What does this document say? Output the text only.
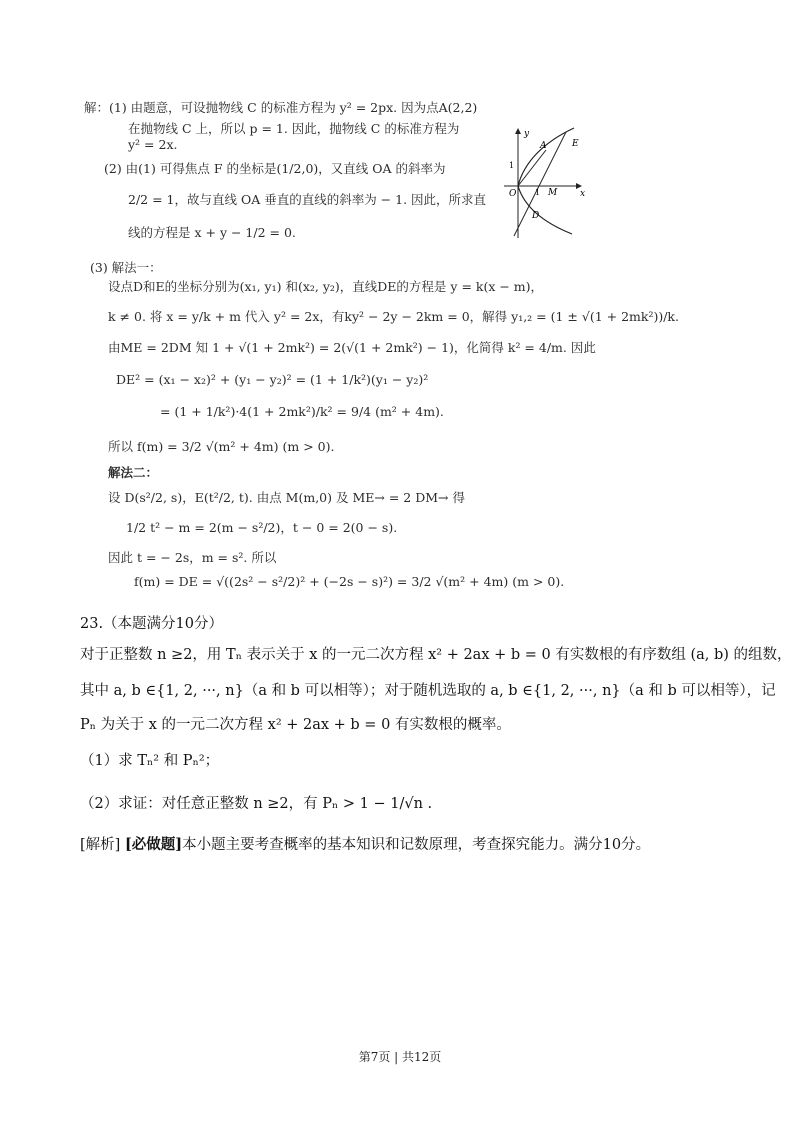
解：(1) 由题意，可设抛物线 C 的标准方程为 y² = 2px. 因为点A(2,2)
在抛物线 C 上，所以 p = 1. 因此，抛物线 C 的标准方程为
y² = 2x.
(2) 由(1) 可得焦点 F 的坐标是(1/2,0)，又直线 OA 的斜率为
2/2 = 1，故与直线 OA 垂直的直线的斜率为 − 1. 因此，所求直
线的方程是 x + y − 1/2 = 0.
y
x
O 1 M
A	E
D
1
(3) 解法一：
设点D和E的坐标分别为(x₁, y₁) 和(x₂, y₂)，直线DE的方程是 y = k(x − m)，
k ≠ 0. 将 x = y/k + m 代入 y² = 2x，有ky² − 2y − 2km = 0，解得 y₁,₂ = (1 ± √(1 + 2mk²))/k.
由ME = 2DM 知 1 + √(1 + 2mk²) = 2(√(1 + 2mk²) − 1)，化简得 k² = 4/m. 因此
DE² = (x₁ − x₂)² + (y₁ − y₂)² = (1 + 1/k²)(y₁ − y₂)²
= (1 + 1/k²)·4(1 + 2mk²)/k² = 9/4 (m² + 4m).
所以 f(m) = 3/2 √(m² + 4m) (m > 0).
解法二：
设 D(s²/2, s)，E(t²/2, t). 由点 M(m,0) 及 ME→ = 2 DM→ 得
1/2 t² − m = 2(m − s²/2)，t − 0 = 2(0 − s).
因此 t = − 2s，m = s². 所以
f(m) = DE = √((2s² − s²/2)² + (−2s − s)²) = 3/2 √(m² + 4m) (m > 0).
23.（本题满分10分）
对于正整数 n ≥2，用 Tₙ 表示关于 x 的一元二次方程 x² + 2ax + b = 0 有实数根的有序数组 (a, b) 的组数，
其中 a, b ∈{1, 2, ···, n}（a 和 b 可以相等）；对于随机选取的 a, b ∈{1, 2, ···, n}（a 和 b 可以相等），记
Pₙ 为关于 x 的一元二次方程 x² + 2ax + b = 0 有实数根的概率。
（1）求 Tₙ² 和 Pₙ²；
（2）求证：对任意正整数 n ≥2，有 Pₙ > 1 − 1/√n .
[解析] [必做题]本小题主要考查概率的基本知识和记数原理，考查探究能力。满分10分。
第7页 | 共12页
